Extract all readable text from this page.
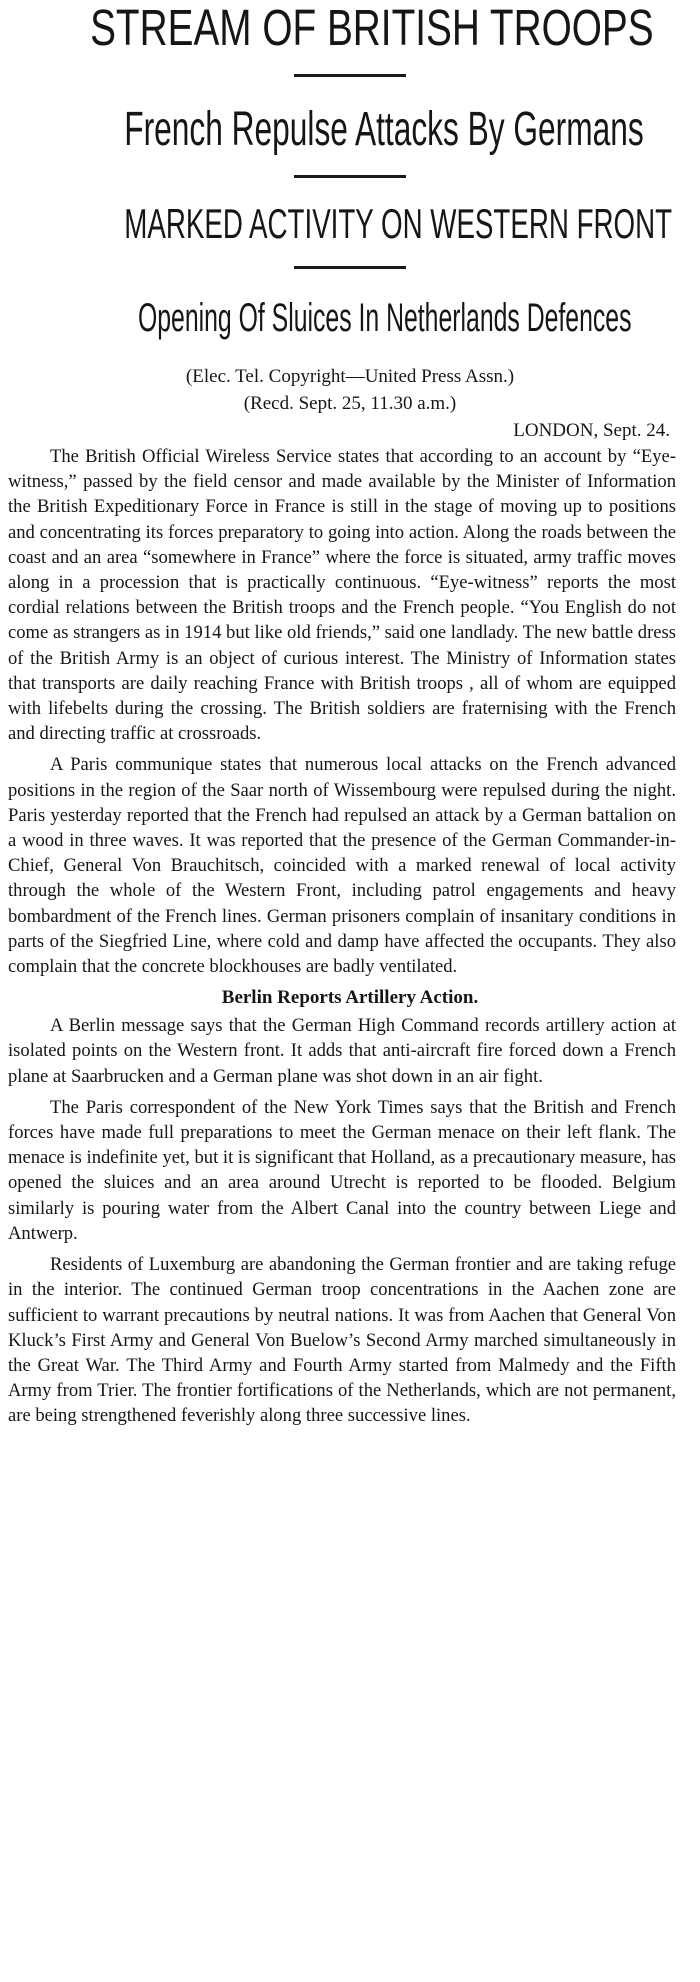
STREAM OF BRITISH TROOPS
French Repulse Attacks By Germans
MARKED ACTIVITY ON WESTERN FRONT
Opening Of Sluices In Netherlands Defences

(Elec. Tel. Copyright—United Press Assn.)

(Recd. Sept. 25, 11.30 a.m.)

LONDON, Sept. 24.

The British Official Wireless Service states that according to an account by “Eye-witness,” passed by the field censor and made available by the Minister of Information the British Expeditionary Force in France is still in the stage of moving up to positions and concentrating its forces preparatory to going into action. Along the roads between the coast and an area “somewhere in France” where the force is situated, army traffic moves along in a procession that is practically continuous. “Eye-witness” reports the most cordial relations between the British troops and the French people. “You English do not come as strangers as in 1914 but like old friends,” said one landlady. The new battle dress of the British Army is an object of curious interest. The Ministry of Information states that transports are daily reaching France with British troops , all of whom are equipped with lifebelts during the crossing. The British soldiers are fraternising with the French and directing traffic at crossroads.

A Paris communique states that numerous local attacks on the French advanced positions in the region of the Saar north of Wissembourg were repulsed during the night. Paris yesterday reported that the French had repulsed an attack by a German battalion on a wood in three waves. It was reported that the presence of the German Commander-in-Chief, General Von Brauchitsch, coincided with a marked renewal of local activity through the whole of the Western Front, including patrol engagements and heavy bombardment of the French lines. German prisoners complain of insanitary conditions in parts of the Siegfried Line, where cold and damp have affected the occupants. They also complain that the concrete blockhouses are badly ventilated.

Berlin Reports Artillery Action.

A Berlin message says that the German High Command records artillery action at isolated points on the Western front. It adds that anti-aircraft fire forced down a French plane at Saarbrucken and a German plane was shot down in an air fight.

The Paris correspondent of the New York Times says that the British and French forces have made full preparations to meet the German menace on their left flank. The menace is indefinite yet, but it is significant that Holland, as a precautionary measure, has opened the sluices and an area around Utrecht is reported to be flooded. Belgium similarly is pouring water from the Albert Canal into the country between Liege and Antwerp.

Residents of Luxemburg are abandoning the German frontier and are taking refuge in the interior. The continued German troop concentrations in the Aachen zone are sufficient to warrant precautions by neutral nations. It was from Aachen that General Von Kluck’s First Army and General Von Buelow’s Second Army marched simultaneously in the Great War. The Third Army and Fourth Army started from Malmedy and the Fifth Army from Trier. The frontier fortifications of the Netherlands, which are not permanent, are being strengthened feverishly along three successive lines.
